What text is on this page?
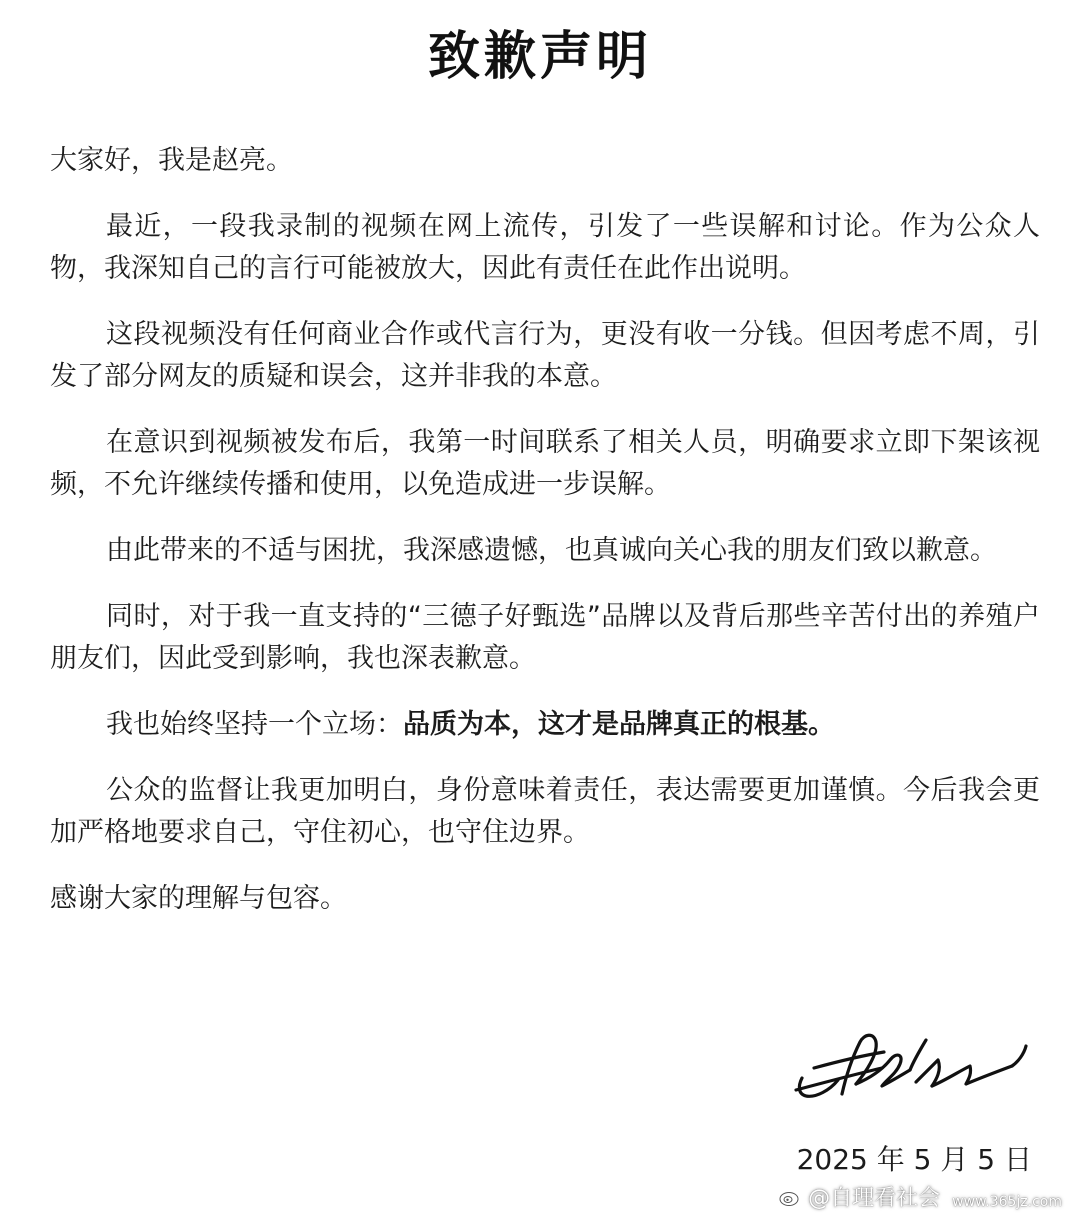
致歉声明

大家好，我是赵亮。

最近，一段我录制的视频在网上流传，引发了一些误解和讨论。作为公众人物，我深知自己的言行可能被放大，因此有责任在此作出说明。

这段视频没有任何商业合作或代言行为，更没有收一分钱。但因考虑不周，引发了部分网友的质疑和误会，这并非我的本意。

在意识到视频被发布后，我第一时间联系了相关人员，明确要求立即下架该视频，不允许继续传播和使用，以免造成进一步误解。

由此带来的不适与困扰，我深感遗憾，也真诚向关心我的朋友们致以歉意。

同时，对于我一直支持的“三德子好甄选”品牌以及背后那些辛苦付出的养殖户朋友们，因此受到影响，我也深表歉意。

我也始终坚持一个立场：品质为本，这才是品牌真正的根基。

公众的监督让我更加明白，身份意味着责任，表达需要更加谨慎。今后我会更加严格地要求自己，守住初心，也守住边界。

感谢大家的理解与包容。

2025 年 5 月 5 日
@自理看社会 www.365jz.com
